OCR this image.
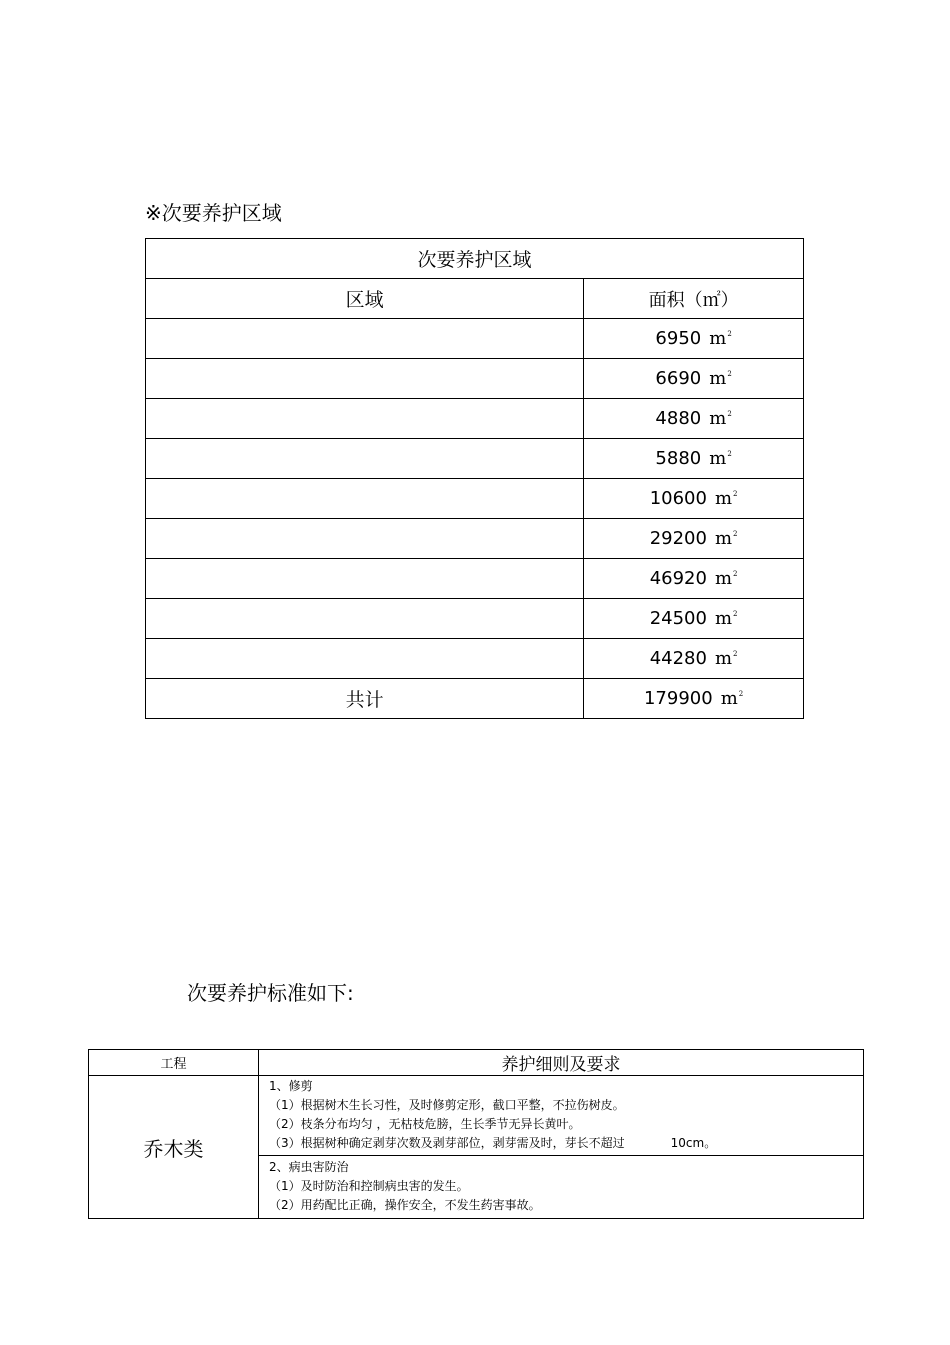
※次要养护区域
次要养护区域	
区域	面积（㎡）
	6950 $m^2$
	6690 $m^2$
	4880 $m^2$
	5880 $m^2$
	10600 $m^2$
	29200 $m^2$
	46920 $m^2$
	24500 $m^2$
	44280 $m^2$
共计	179900 $m^2$
次要养护标准如下:
工程	养护细则及要求
乔木类	1、修剪
（1）根据树木生长习性，及时修剪定形，截口平整，不拉伤树皮。
（2）枝条分布均匀 ，无枯枝危膀，生长季节无异长黄叶。
（3）根据树种确定剥芽次数及剥芽部位，剥芽需及时，芽长不超过 10cm。

	2、病虫害防治
（1）及时防治和控制病虫害的发生。
（2）用药配比正确，操作安全，不发生药害事故。
